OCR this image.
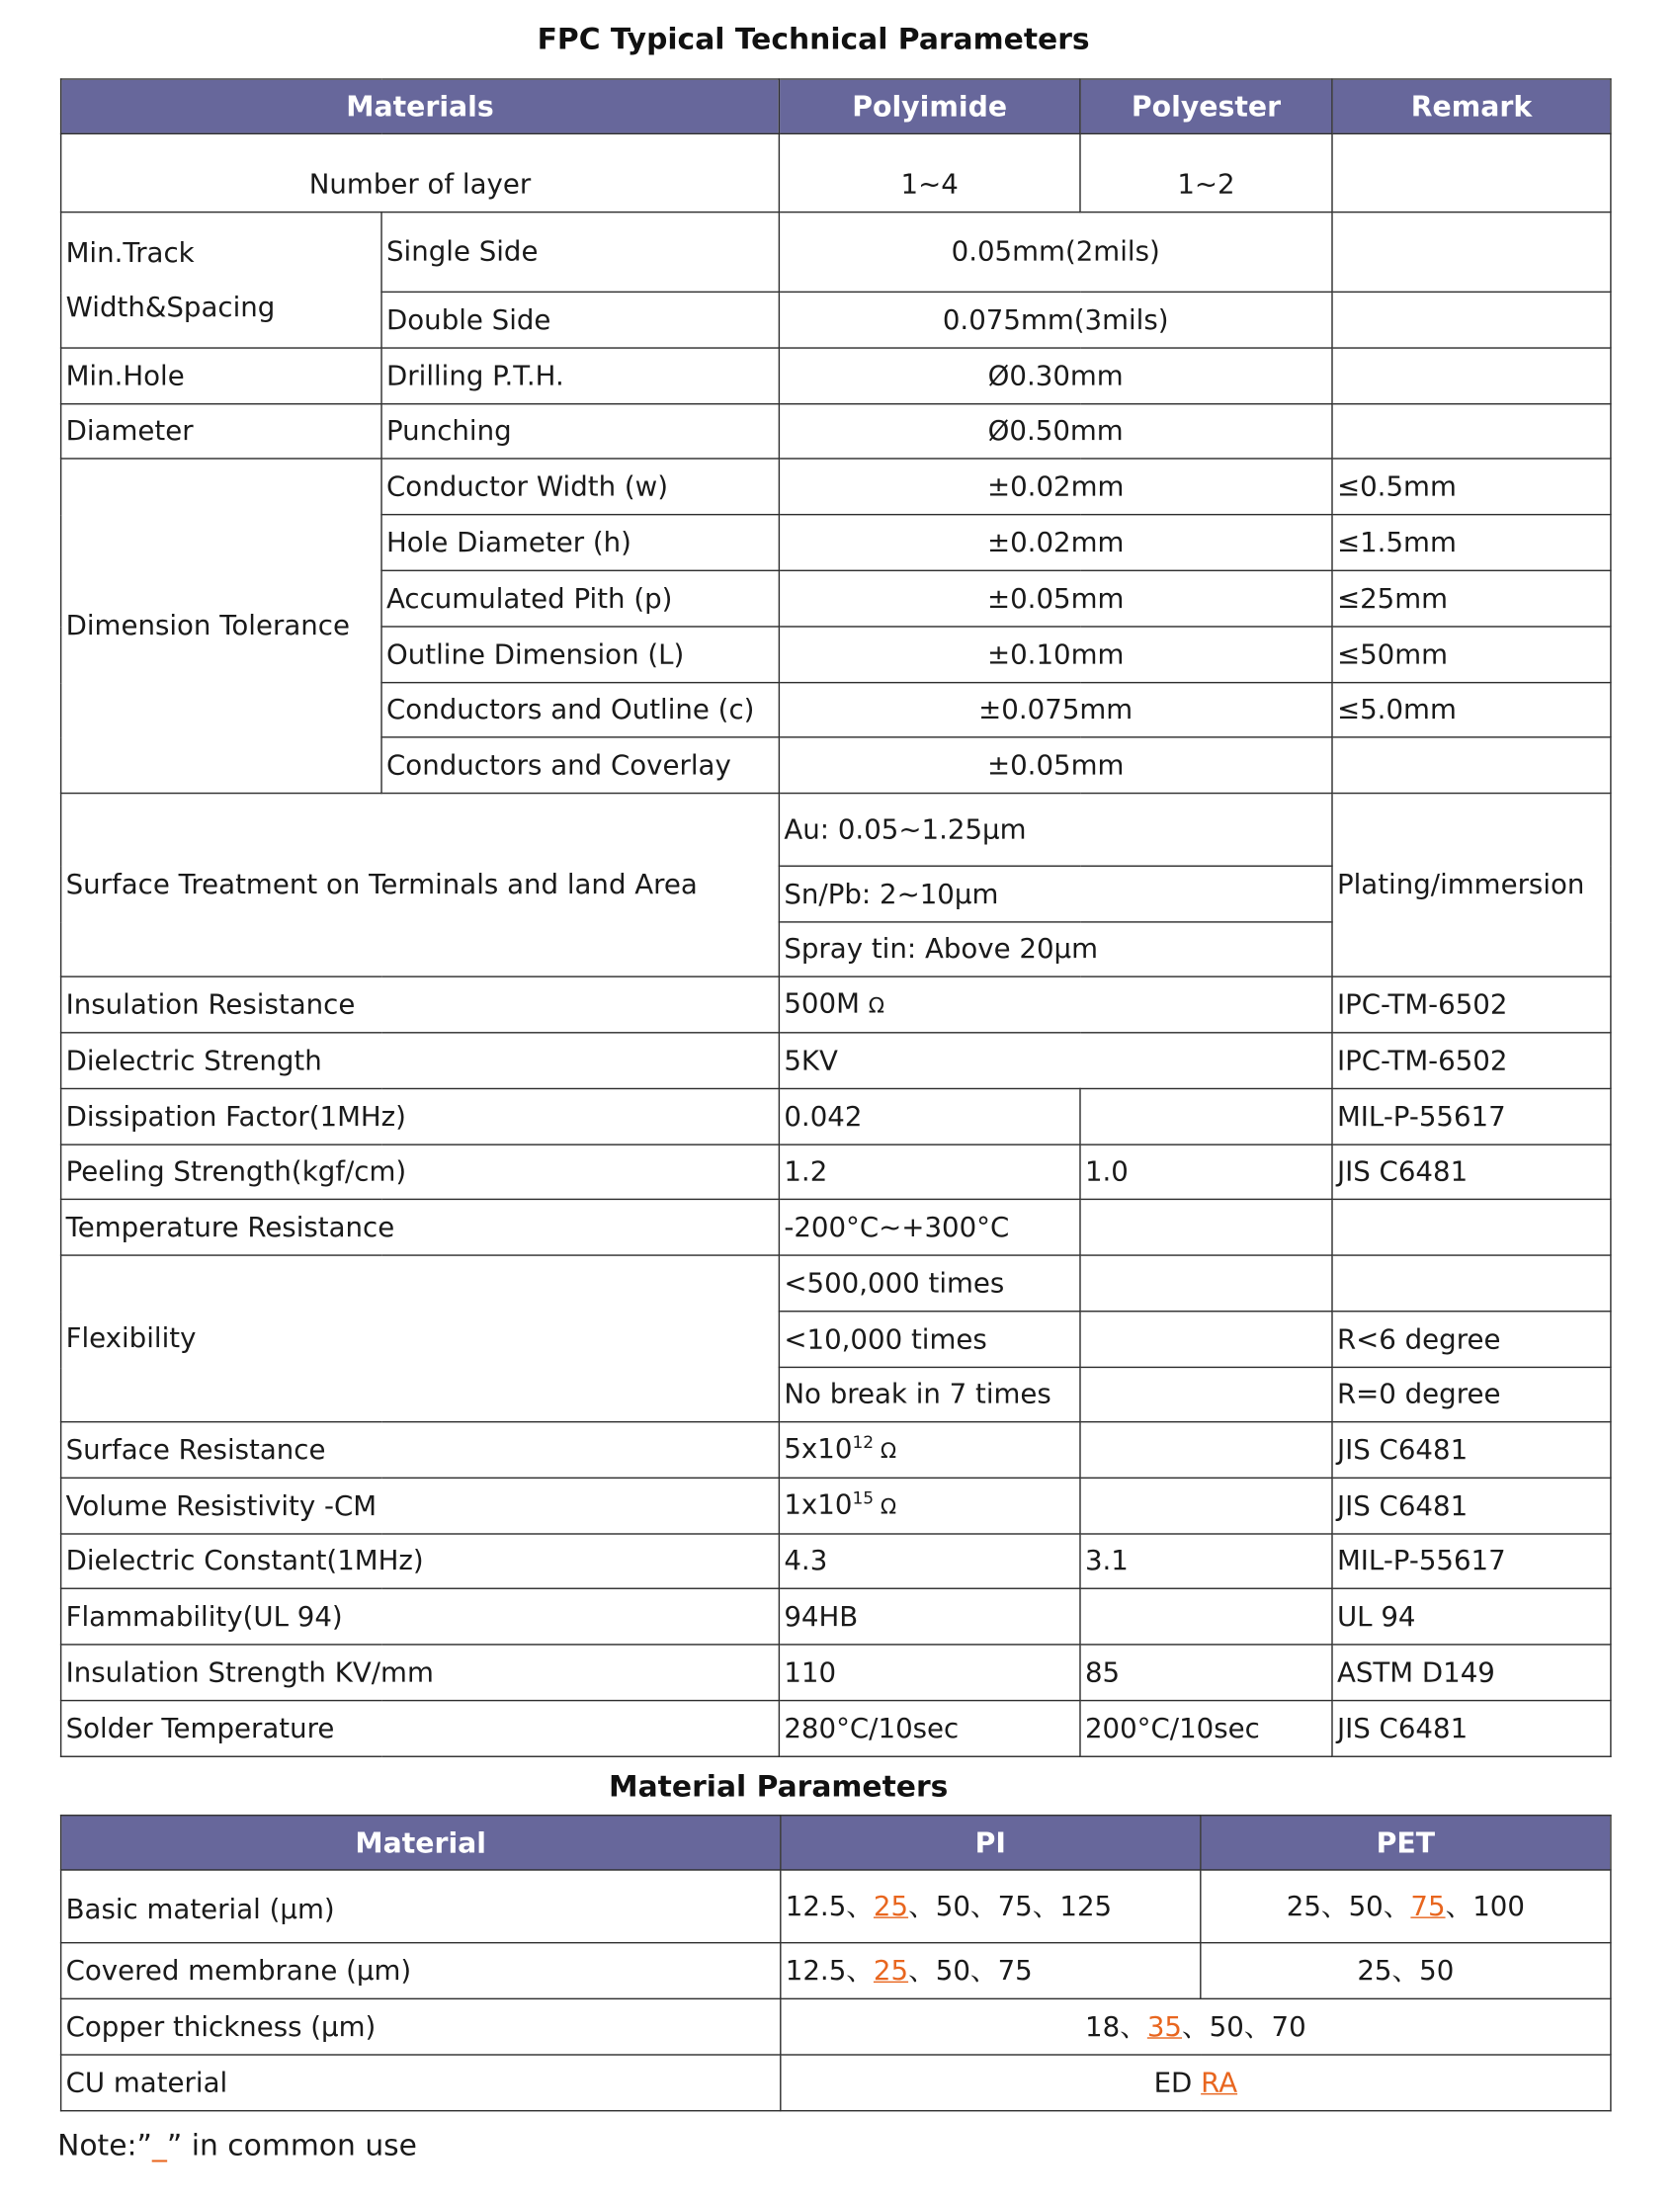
FPC Typical Technical Parameters
Materials		Polyimide	Polyester	Remark
Number of layer		1~4	1~2	

Min.Track
Width&Spacing	Single Side	0.05mm(2mils)		
	Double Side	0.075mm(3mils)		
Min.Hole	Drilling P.T.H.	Ø0.30mm		
Diameter	Punching	Ø0.50mm		
Dimension Tolerance	Conductor Width (w)	±0.02mm		≤0.5mm
	Hole Diameter (h)	±0.02mm		≤1.5mm
	Accumulated Pith (p)	±0.05mm		≤25mm
	Outline Dimension (L)	±0.10mm		≤50mm
	Conductors and Outline (c)	±0.075mm		≤5.0mm
	Conductors and Coverlay	±0.05mm		
Surface Treatment on Terminals and land Area		Au: 0.05~1.25μm		Plating/immersion
		Sn/Pb: 2~10μm		
		Spray tin: Above 20μm		
Insulation Resistance		500M Ω		IPC-TM-6502
Dielectric Strength		5KV		IPC-TM-6502
Dissipation Factor(1MHz)		0.042		MIL-P-55617
Peeling Strength(kgf/cm)		1.2	1.0	JIS C6481
Temperature Resistance		-200°C~+300°C		
Flexibility		<500,000 times		
		<10,000 times		R<6 degree
		No break in 7 times		R=0 degree
Surface Resistance		$5x10^{12}$ Ω		JIS C6481
Volume Resistivity -CM		$1x10^{15}$ Ω		JIS C6481
Dielectric Constant(1MHz)		4.3	3.1	MIL-P-55617
Flammability(UL 94)		94HB		UL 94
Insulation Strength KV/mm		110	85	ASTM D149
Solder Temperature		280°C/10sec	200°C/10sec	JIS C6481
Material Parameters
Material	PI	PET
Basic material (μm)	12.5、25、50、75、125	25、50、75、100
Covered membrane (μm)	12.5、25、50、75	25、50
Copper thickness (μm)	18、35、50、70	
CU material	ED RA	
Note:”_” in common use
